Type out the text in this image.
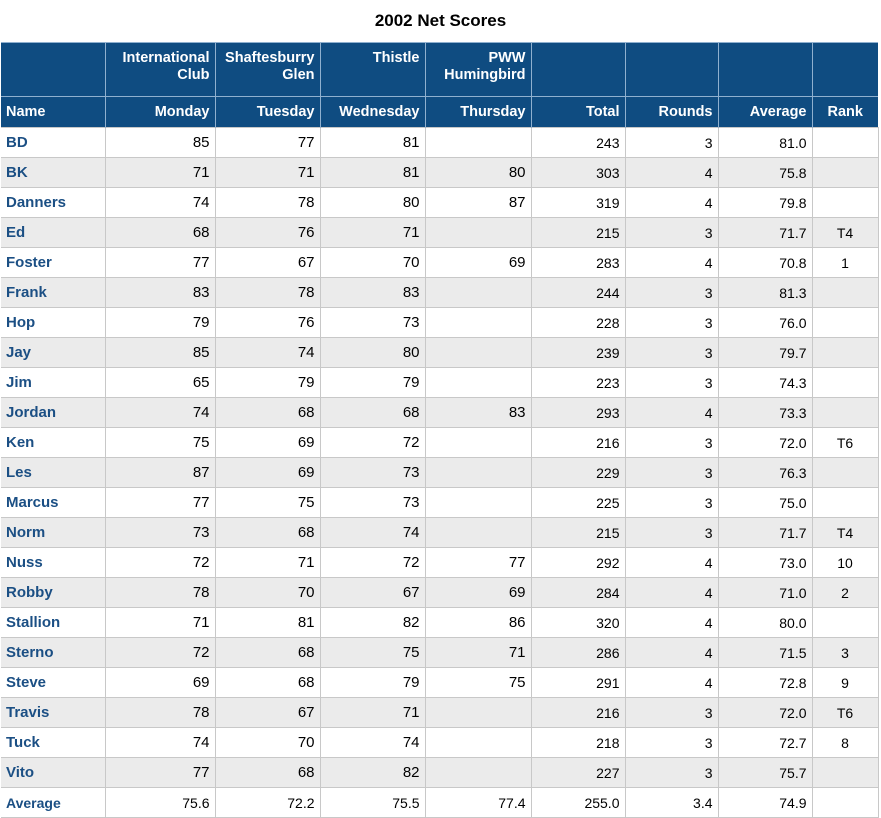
2002 Net Scores
	International Club	Shaftesburry Glen	Thistle	PWW Humingbird				
Name	Monday	Tuesday	Wednesday	Thursday	Total	Rounds	Average	Rank
BD	85	77	81		243	3	81.0	
BK	71	71	81	80	303	4	75.8	
Danners	74	78	80	87	319	4	79.8	
Ed	68	76	71		215	3	71.7	T4
Foster	77	67	70	69	283	4	70.8	1
Frank	83	78	83		244	3	81.3	
Hop	79	76	73		228	3	76.0	
Jay	85	74	80		239	3	79.7	
Jim	65	79	79		223	3	74.3	
Jordan	74	68	68	83	293	4	73.3	
Ken	75	69	72		216	3	72.0	T6
Les	87	69	73		229	3	76.3	
Marcus	77	75	73		225	3	75.0	
Norm	73	68	74		215	3	71.7	T4
Nuss	72	71	72	77	292	4	73.0	10
Robby	78	70	67	69	284	4	71.0	2
Stallion	71	81	82	86	320	4	80.0	
Sterno	72	68	75	71	286	4	71.5	3
Steve	69	68	79	75	291	4	72.8	9
Travis	78	67	71		216	3	72.0	T6
Tuck	74	70	74		218	3	72.7	8
Vito	77	68	82		227	3	75.7	
Average	75.6	72.2	75.5	77.4	255.0	3.4	74.9	
